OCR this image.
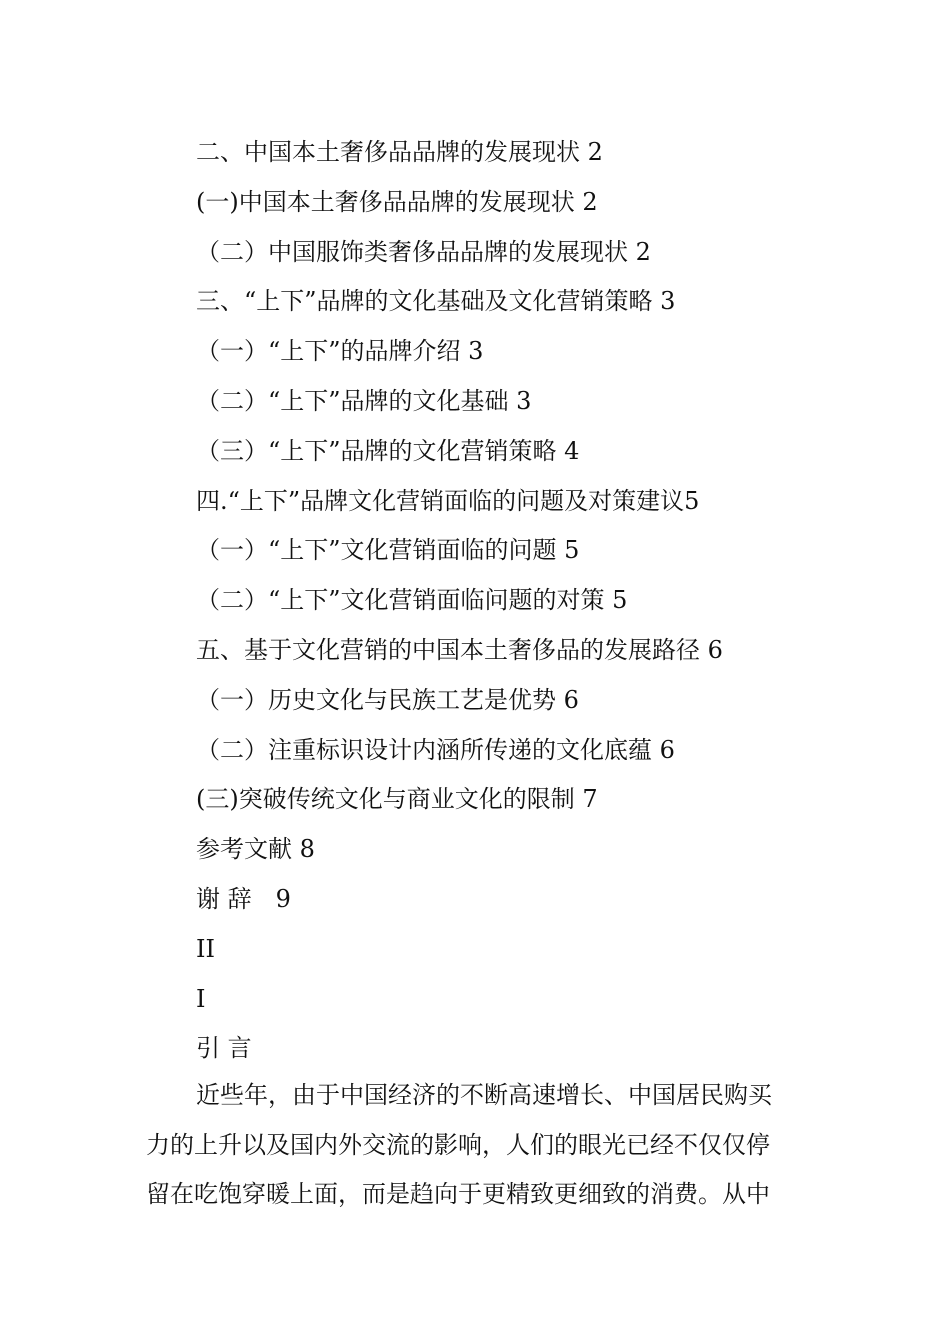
二、中国本土奢侈品品牌的发展现状 2
(一)中国本土奢侈品品牌的发展现状 2
（二）中国服饰类奢侈品品牌的发展现状 2
三、“上下”品牌的文化基础及文化营销策略 3
（一）“上下”的品牌介绍 3
（二）“上下”品牌的文化基础 3
（三）“上下”品牌的文化营销策略 4
四.“上下”品牌文化营销面临的问题及对策建议5
（一）“上下”文化营销面临的问题 5
（二）“上下”文化营销面临问题的对策 5
五、基于文化营销的中国本土奢侈品的发展路径 6
（一）历史文化与民族工艺是优势 6
（二）注重标识设计内涵所传递的文化底蕴 6
(三)突破传统文化与商业文化的限制 7
参考文献 8
谢 辞　9
II
I
引 言
近些年，由于中国经济的不断高速增长、中国居民购买
力的上升以及国内外交流的影响，人们的眼光已经不仅仅停
留在吃饱穿暖上面，而是趋向于更精致更细致的消费。从中
